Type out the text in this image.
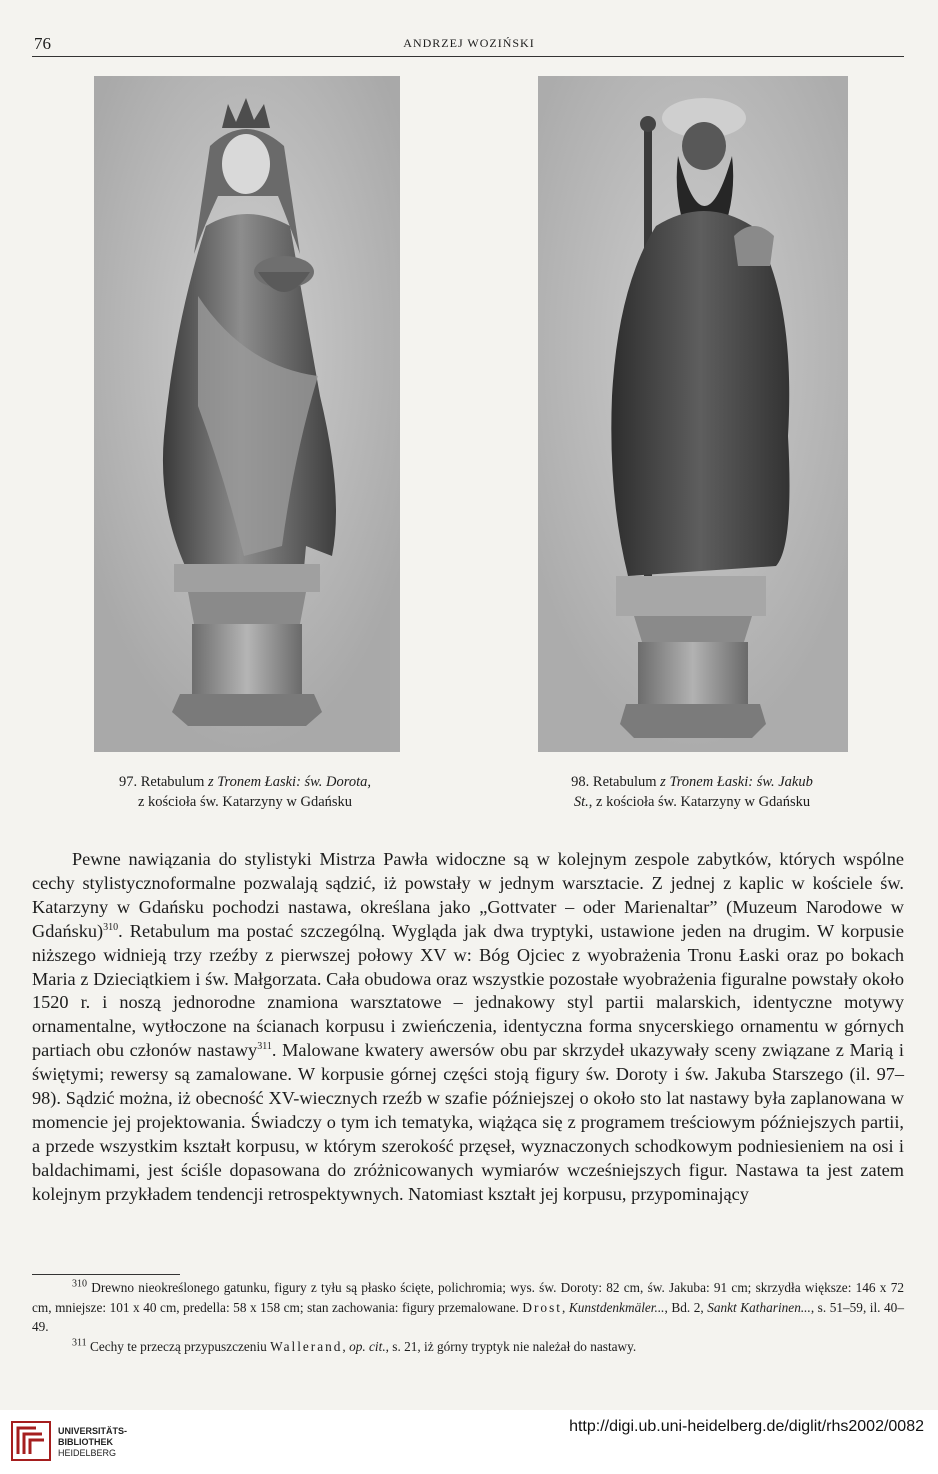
76	ANDRZEJ WOZIŃSKI
97. Retabulum z Tronem Łaski: św. Dorota,
z kościoła św. Katarzyny w Gdańsku
98. Retabulum z Tronem Łaski: św. Jakub
St., z kościoła św. Katarzyny w Gdańsku

Pewne nawiązania do stylistyki Mistrza Pawła widoczne są w kolejnym zespole zabytków, których wspólne cechy stylistycznoformalne pozwalają sądzić, iż powstały w jednym warsztacie. Z jednej z kaplic w kościele św. Katarzyny w Gdańsku pochodzi nastawa, określana jako „Gottvater – oder Marienaltar” (Muzeum Narodowe w Gdańsku)$^{310}$. Retabulum ma postać szczególną. Wygląda jak dwa tryptyki, ustawione jeden na drugim. W korpusie niższego widnieją trzy rzeźby z pierwszej połowy XV w: Bóg Ojciec z wyobrażenia Tronu Łaski oraz po bokach Maria z Dzieciątkiem i św. Małgorzata. Cała obudowa oraz wszystkie pozostałe wyobrażenia figuralne powstały około 1520 r. i noszą jednorodne znamiona warsztatowe – jednakowy styl partii malarskich, identyczne motywy ornamentalne, wytłoczone na ścianach korpusu i zwieńczenia, identyczna forma snycerskiego ornamentu w górnych partiach obu członów nastawy$^{311}$. Malowane kwatery awersów obu par skrzydeł ukazywały sceny związane z Marią i świętymi; rewersy są zamalowane. W korpusie górnej części stoją figury św. Doroty i św. Jakuba Starszego (il. 97–98). Sądzić można, iż obecność XV-wiecznych rzeźb w szafie późniejszej o około sto lat nastawy była zaplanowana w momencie jej projektowania. Świadczy o tym ich tematyka, wiążąca się z programem treściowym późniejszych partii, a przede wszystkim kształt korpusu, w którym szerokość przęseł, wyznaczonych schodkowym podniesieniem na osi i baldachimami, jest ściśle dopasowana do zróżnicowanych wymiarów wcześniejszych figur. Nastawa ta jest zatem kolejnym przykładem tendencji retrospektywnych. Natomiast kształt jej korpusu, przypominający

$^{310}$ Drewno nieokreślonego gatunku, figury z tyłu są płasko ścięte, polichromia; wys. św. Doroty: 82 cm, św. Jakuba: 91 cm; skrzydła większe: 146 x 72 cm, mniejsze: 101 x 40 cm, predella: 58 x 158 cm; stan zachowania: figury przemalowane. Drost, Kunstdenkmäler..., Bd. 2, Sankt Katharinen..., s. 51–59, il. 40–49.

$^{311}$ Cechy te przeczą przypuszczeniu Wallerand, op. cit., s. 21, iż górny tryptyk nie należał do nastawy.

UNIVERSITÄTS-
BIBLIOTHEK
HEIDELBERG
http://digi.ub.uni-heidelberg.de/diglit/rhs2002/0082
